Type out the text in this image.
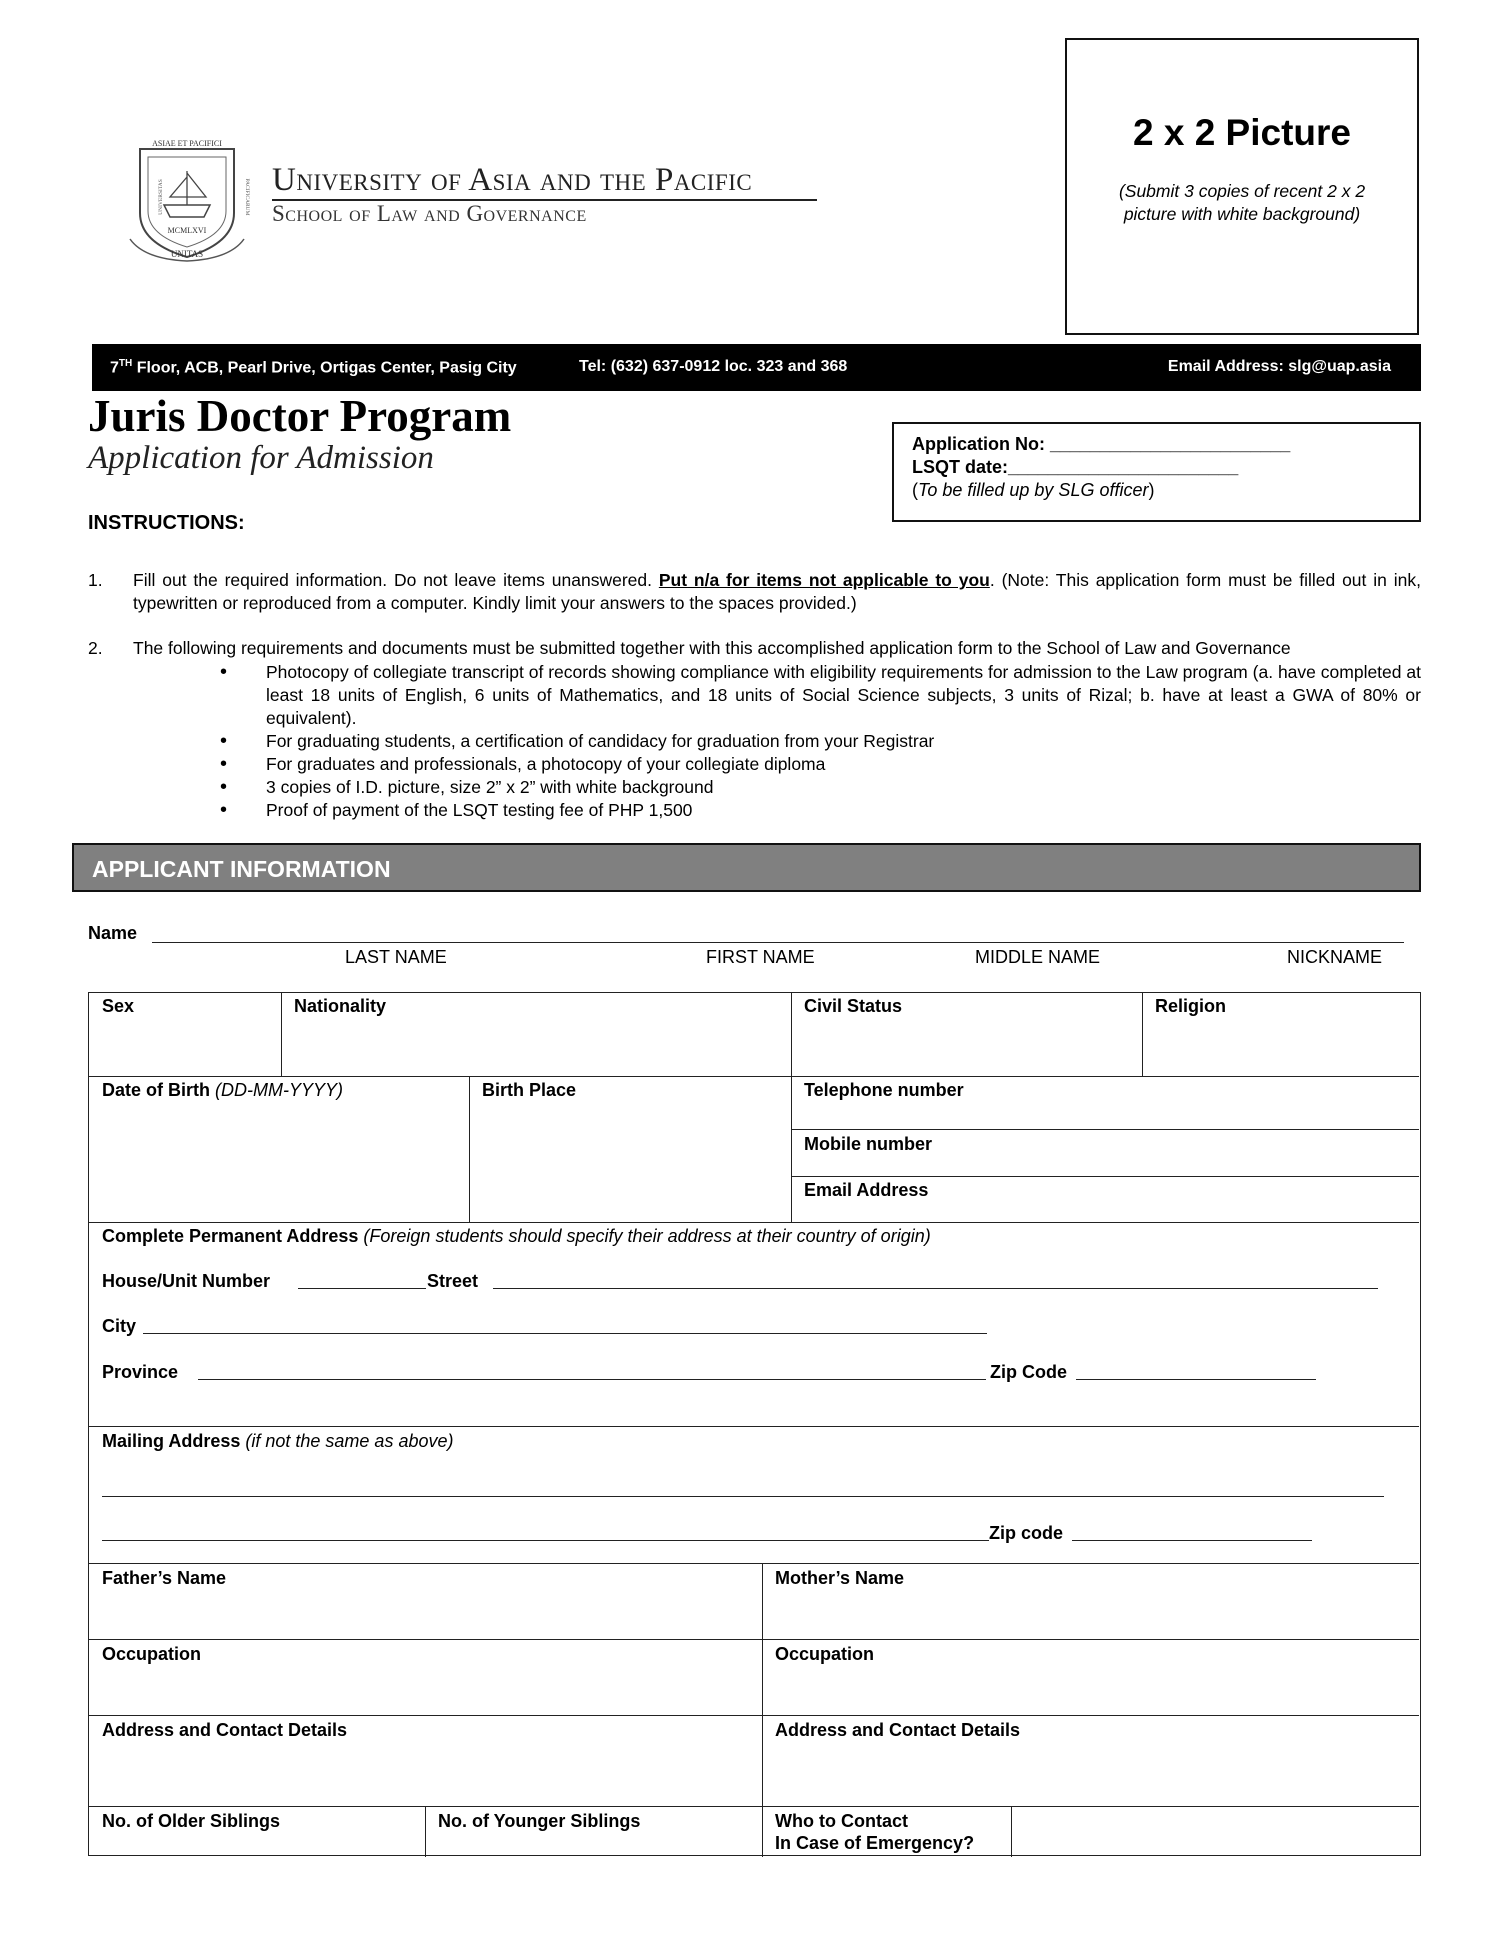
ASIAE ET PACIFICI
UNIVERSITAS	PACIFICARUM
MCMLXVI
UNITAS
University of Asia and the Pacific
School of Law and Governance
2 x 2 Picture
(Submit 3 copies of recent 2 x 2 picture with white background)
7TH Floor, ACB, Pearl Drive, Ortigas Center, Pasig City	Tel: (632) 637-0912 loc. 323 and 368	Email Address: slg@uap.asia
Juris Doctor Program
Application for Admission	Application No: ________________________
LSQT date:_______________________
(To be filled up by SLG officer)
INSTRUCTIONS:
1. Fill out the required information. Do not leave items unanswered. Put n/a for items not applicable to you. (Note: This application form must be filled out in ink, typewritten or reproduced from a computer. Kindly limit your answers to the spaces provided.)
2. The following requirements and documents must be submitted together with this accomplished application form to the School of Law and Governance
• Photocopy of collegiate transcript of records showing compliance with eligibility requirements for admission to the Law program (a. have completed at least 18 units of English, 6 units of Mathematics, and 18 units of Social Science subjects, 3 units of Rizal; b. have at least a GWA of 80% or equivalent).
• For graduating students, a certification of candidacy for graduation from your Registrar
• For graduates and professionals, a photocopy of your collegiate diploma
• 3 copies of I.D. picture, size 2” x 2” with white background
• Proof of payment of the LSQT testing fee of PHP 1,500
APPLICANT INFORMATION
Name
LAST NAME	FIRST NAME	MIDDLE NAME	NICKNAME
Sex	Nationality	Civil Status	Religion
Date of Birth (DD-MM-YYYY)	Birth Place	Telephone number
Mobile number
Email Address
Complete Permanent Address (Foreign students should specify their address at their country of origin)
House/Unit Number	Street
City
Province	Zip Code
Mailing Address (if not the same as above)
Zip code
Father’s Name	Mother’s Name
Occupation	Occupation
Address and Contact Details	Address and Contact Details
No. of Older Siblings	No. of Younger Siblings	Who to Contact
In Case of Emergency?
